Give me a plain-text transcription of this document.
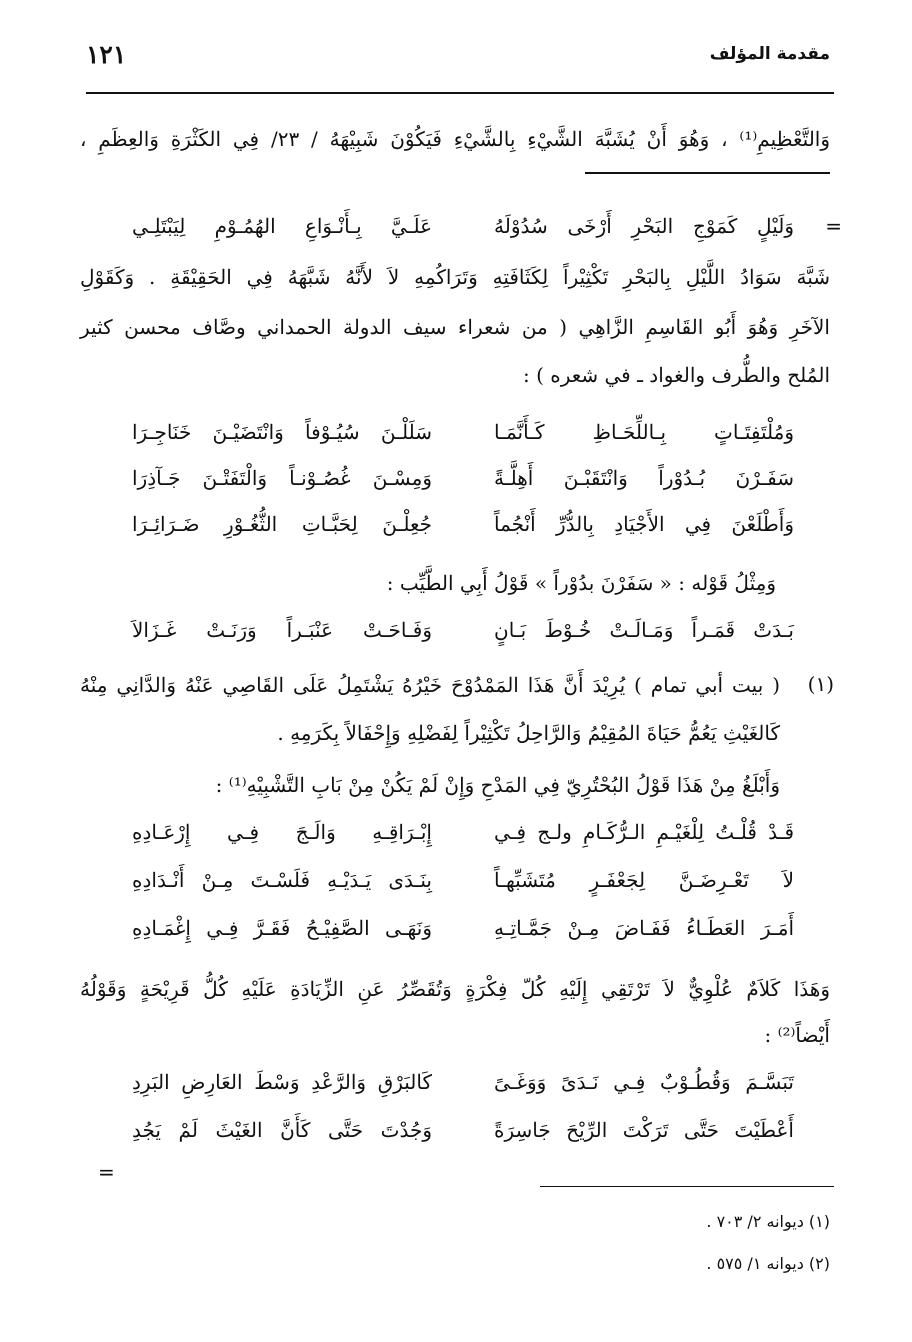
مقدمة المؤلف
١٢١
وَالتَّعْظِيمِ⁽¹⁾ ، وَهُوَ أَنْ يُشَبَّهَ الشَّيْءِ بِالشَّيْءِ فَيَكُوْنَ شَبِيْهَهُ / ٢٣/ فِي الكَثْرَةِ وَالعِظَمِ ،
=
وَلَيْلٍ كَمَوْجِ البَحْرِ أَرْخَى سُدُوْلَهُ
عَلَـيَّ بِـأَنْـوَاعِ الهُمُـوْمِ لِيَبْتَلِـي
شَبَّهَ سَوَادُ اللَّيْلِ بِالبَحْرِ تَكْثِيْراً لِكَثَافَتِهِ وَتَرَاكُمِهِ لاَ لأَنَّهُ شَبَّهَهُ فِي الحَقِيْقَةِ . وَكَقَوْلِ
الآخَرِ وَهُوَ أَبُو القَاسِمِ الزَّاهِي ( من شعراء سيف الدولة الحمداني وصَّاف محسن كثير
المُلح والطُّرف والغواد ـ في شعره ) :
وَمُلْتَفِتَـاتٍ بِـاللِّحَـاظِ كَـأَنَّمَـا
سَلَلْـنَ سُيُـوْفاً وَانْتَضَيْـنَ خَنَاجِـرَا
سَفَـرْنَ بُـدُوْراً وَانْتَقَبْـنَ أَهِلَّـةً
وَمِسْـنَ غُصُـوْنـاً وَالْتَفَتْـنَ جَـآذِرَا
وَأَطْلَعْنَ فِي الأَجْيَادِ بِالدُّرِّ أَنْجُماً
جُعِلْـنَ لِحَبَّـاتِ الثُّغُـوْرِ ضَـرَائِـرَا
وَمِثْلُ قَوْله : « سَفَرْنَ بدُوْراً » قَوْلُ أَبِي الطَّيِّب :
بَـدَتْ قَمَـراً وَمَـالَـتْ خُـوْطَ بَـانٍ
وَفَـاحَـتْ عَنْبَـراً وَرَنَـتْ غَـزَالاَ
(١)
( بيت أبي تمام ) يُرِيْدَ أَنَّ هَذَا المَمْدُوْحَ خَيْرُهُ يَشْتَمِلُ عَلَى القَاصِي عَنْهُ وَالدَّانِي مِنْهُ
كَالغَيْثِ يَعُمُّ حَيَاةَ المُقِيْمُ وَالرَّاحِلُ تَكْثِيْراً لِفَضْلِهِ وَإِحْفَالاً بِكَرَمِهِ .
وَأَبْلَغُ مِنْ هَذَا قَوْلُ البُحْتُرِيّ فِي المَدْحِ وَإِنْ لَمْ يَكُنْ مِنْ بَابِ التَّشْبِيْهِ⁽¹⁾ :
قَـدْ قُلْـتُ لِلْغَيْـمِ الـرُّكَـامِ ولـج فِـي
إِبْـرَاقِـهِ وَالَـجَ فِـي إِرْعَـادِهِ
لاَ تَعْـرِضَـنَّ لِجَعْفَـرٍ مُتَشَبِّهـاً
بِنَـدَى يَـدَيْـهِ فَلَسْـتَ مِـنْ أَنْـدَادِهِ
أَمَـرَ العَطَـاءُ فَفَـاضَ مِـنْ جَمَّـاتِـهِ
وَنَهَـى الصَّفِيْـحُ فَقَـرَّ فِـي إِغْمَـادِهِ
وَهَذَا كَلاَمٌ عُلْوِيٌّ لاَ تَرْتَقِي إِلَيْهِ كُلّ فِكْرَةٍ وَتُقَصِّرُ عَنِ الزِّيَادَةِ عَلَيْهِ كُلُّ قَرِيْحَةٍ وَقَوْلُهُ
أَيْضاً⁽²⁾ :
تَبَسَّـمَ وَقُطُـوْبٌ فِـي نَـدَىً وَوَغَـىً
كَالبَرْقِ وَالرَّعْدِ وَسْطَ العَارِضِ البَرِدِ
أَعْطَيْتَ حَتَّى تَرَكْتَ الرِّيْحَ جَاسِرَةً
وَجُدْتَ حَتَّى كَأَنَّ الغَيْثَ لَمْ يَجُدِ
=
(١) ديوانه ٢/ ٧٠٣ .
(٢) ديوانه ١/ ٥٧٥ .
